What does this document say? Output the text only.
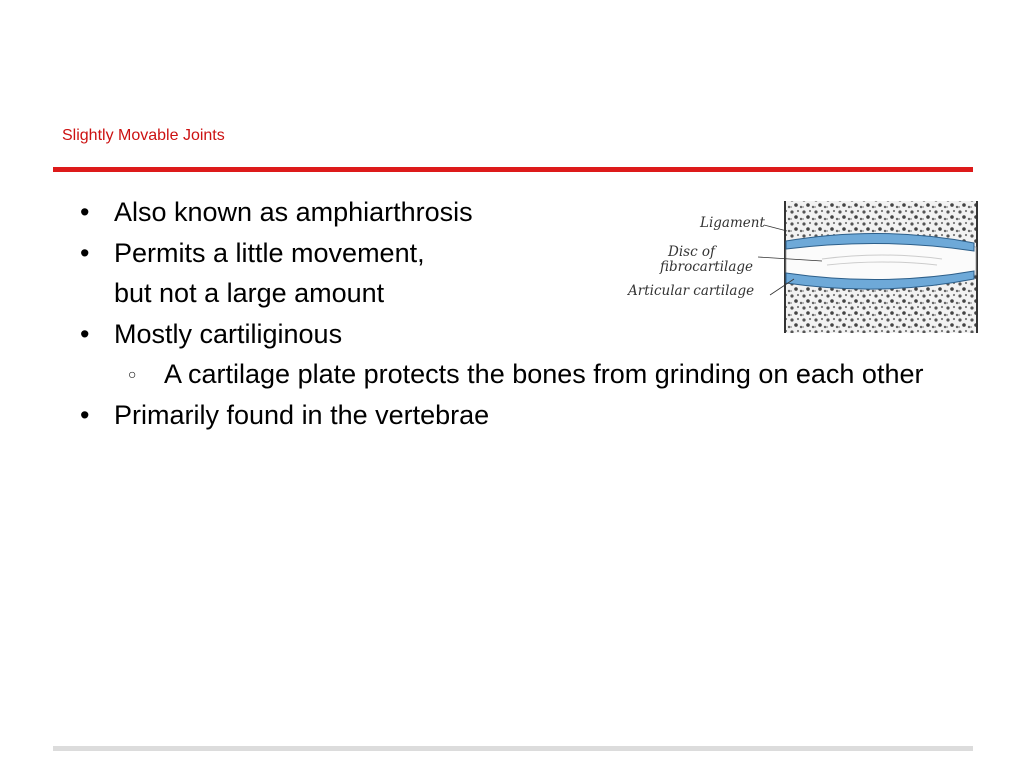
Slightly Movable Joints
• Also known as amphiarthrosis
• Permits a little movement,
but not a large amount
• Mostly cartiliginous
○ A cartilage plate protects the bones from grinding on each other
• Primarily found in the vertebrae
Ligament
Disc of
fibrocartilage
Articular cartilage
